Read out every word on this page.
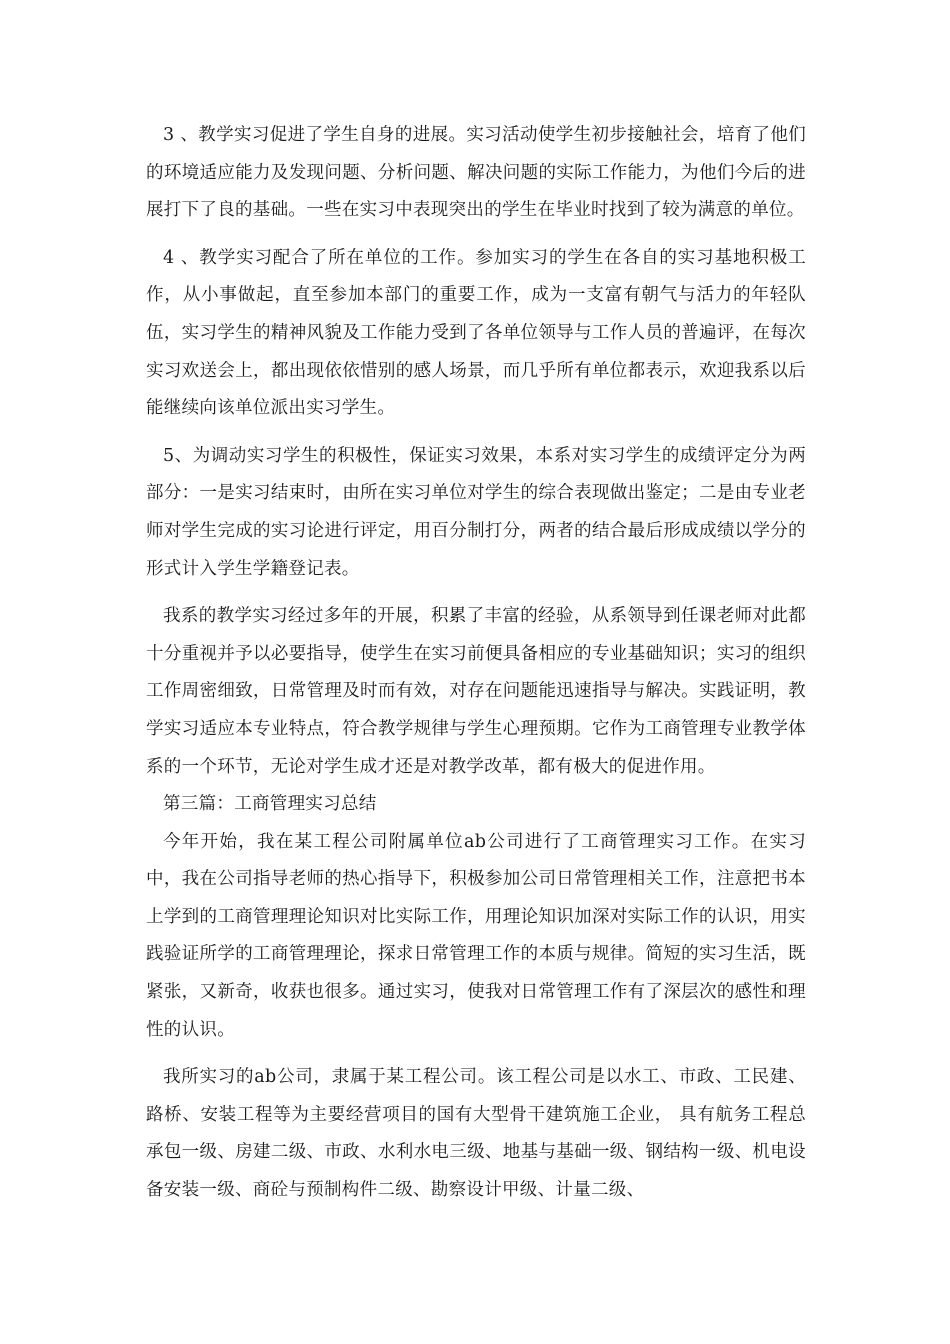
3 、教学实习促进了学生自身的进展。实习活动使学生初步接触社会，培育了他们的环境适应能力及发现问题、分析问题、解决问题的实际工作能力，为他们今后的进展打下了良的基础。一些在实习中表现突出的学生在毕业时找到了较为满意的单位。

4 、教学实习配合了所在单位的工作。参加实习的学生在各自的实习基地积极工作，从小事做起，直至参加本部门的重要工作，成为一支富有朝气与活力的年轻队伍，实习学生的精神风貌及工作能力受到了各单位领导与工作人员的普遍评，在每次实习欢送会上，都出现依依惜别的感人场景，而几乎所有单位都表示，欢迎我系以后能继续向该单位派出实习学生。

5、为调动实习学生的积极性，保证实习效果，本系对实习学生的成绩评定分为两部分：一是实习结束时，由所在实习单位对学生的综合表现做出鉴定；二是由专业老师对学生完成的实习论进行评定，用百分制打分，两者的结合最后形成成绩以学分的形式计入学生学籍登记表。

我系的教学实习经过多年的开展，积累了丰富的经验，从系领导到任课老师对此都十分重视并予以必要指导，使学生在实习前便具备相应的专业基础知识；实习的组织工作周密细致，日常管理及时而有效，对存在问题能迅速指导与解决。实践证明，教学实习适应本专业特点，符合教学规律与学生心理预期。它作为工商管理专业教学体系的一个环节，无论对学生成才还是对教学改革，都有极大的促进作用。

第三篇：工商管理实习总结

今年开始，我在某工程公司附属单位ab公司进行了工商管理实习工作。在实习中，我在公司指导老师的热心指导下，积极参加公司日常管理相关工作，注意把书本上学到的工商管理理论知识对比实际工作，用理论知识加深对实际工作的认识，用实践验证所学的工商管理理论，探求日常管理工作的本质与规律。简短的实习生活，既紧张，又新奇，收获也很多。通过实习，使我对日常管理工作有了深层次的感性和理性的认识。

我所实习的ab公司，隶属于某工程公司。该工程公司是以水工、市政、工民建、路桥、安装工程等为主要经营项目的国有大型骨干建筑施工企业， 具有航务工程总承包一级、房建二级、市政、水利水电三级、地基与基础一级、钢结构一级、机电设备安装一级、商砼与预制构件二级、勘察设计甲级、计量二级、
